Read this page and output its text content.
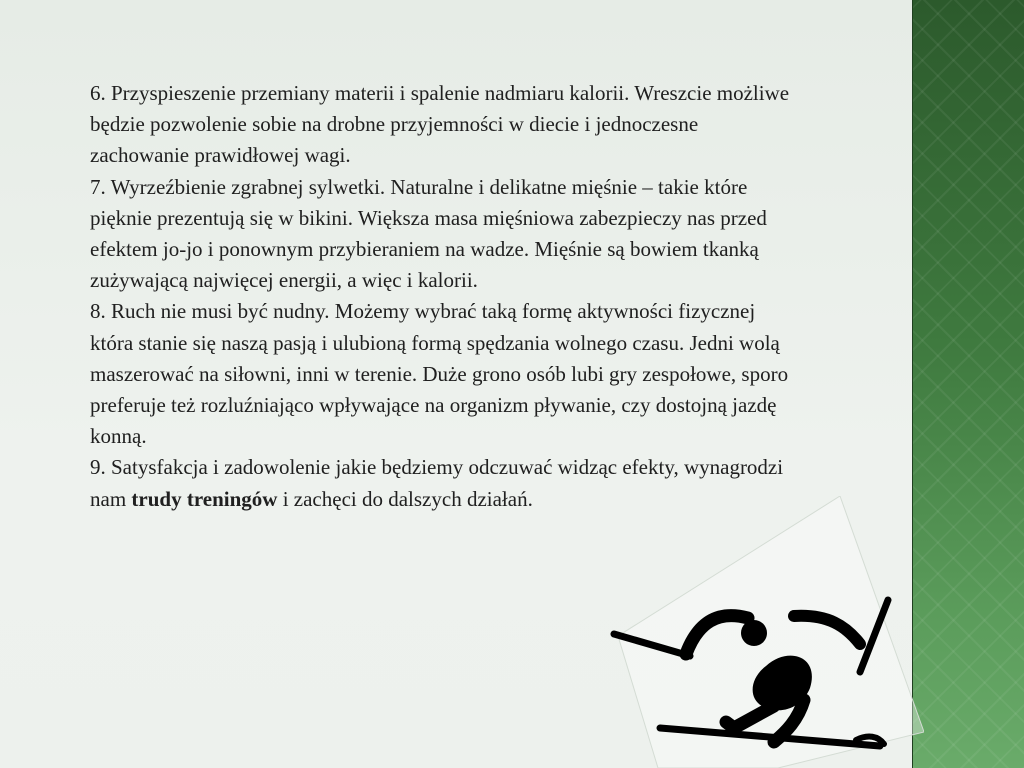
6. Przyspieszenie przemiany materii i spalenie nadmiaru kalorii. Wreszcie możliwe będzie pozwolenie sobie na drobne przyjemności w diecie i jednoczesne zachowanie prawidłowej wagi.

7. Wyrzeźbienie zgrabnej sylwetki. Naturalne i delikatne mięśnie – takie które pięknie prezentują się w bikini. Większa masa mięśniowa zabezpieczy nas przed efektem jo-jo i ponownym przybieraniem na wadze. Mięśnie są bowiem tkanką zużywającą najwięcej energii, a więc i kalorii.

8. Ruch nie musi być nudny. Możemy wybrać taką formę aktywności fizycznej która stanie się naszą pasją i ulubioną formą spędzania wolnego czasu. Jedni wolą maszerować na siłowni, inni w terenie. Duże grono osób lubi gry zespołowe, sporo preferuje też rozluźniająco wpływające na organizm pływanie, czy dostojną jazdę konną.

9. Satysfakcja i zadowolenie jakie będziemy odczuwać widząc efekty, wynagrodzi nam trudy treningów i zachęci do dalszych działań.
